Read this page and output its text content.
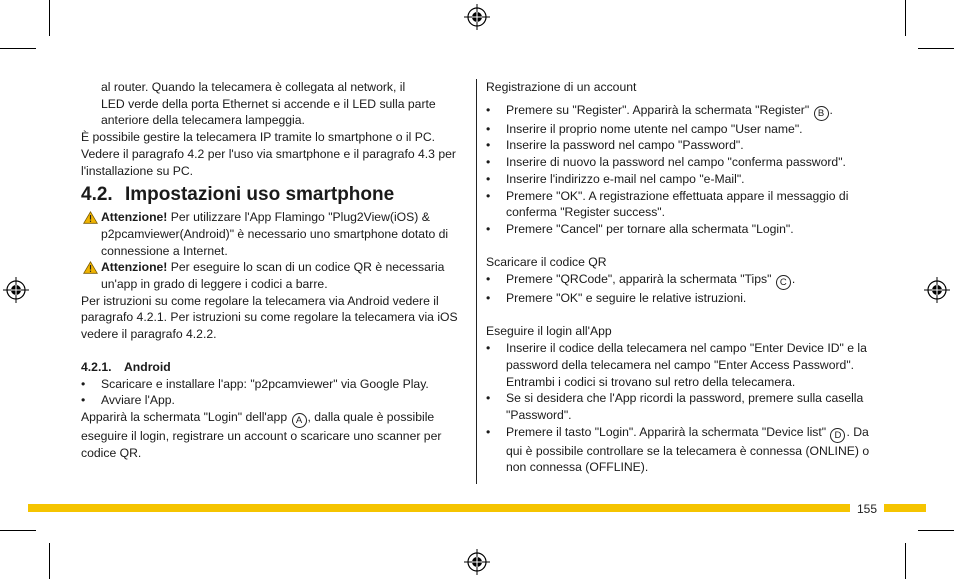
al router. Quando la telecamera è collegata al network, il

LED verde della porta Ethernet si accende e il LED sulla parte

anteriore della telecamera lampeggia.

È possibile gestire la telecamera IP tramite lo smartphone o il PC. Vedere il paragrafo 4.2 per l'uso via smartphone e il paragrafo 4.3 per l'installazione su PC.

4.2. Impostazioni uso smartphone

Attenzione! Per utilizzare l'App Flamingo "Plug2View(iOS) & p2pcamviewer(Android)" è necessario uno smartphone dotato di connessione a Internet.

Attenzione! Per eseguire lo scan di un codice QR è necessaria un'app in grado di leggere i codici a barre.

Per istruzioni su come regolare la telecamera via Android vedere il paragrafo 4.2.1. Per istruzioni su come regolare la telecamera via iOS vedere il paragrafo 4.2.2.

4.2.1. Android
•	Scaricare e installare l'app: "p2pcamviewer" via Google Play.
•	Avviare l'App.

Apparirà la schermata "Login" dell'app A , dalla quale è possibile eseguire il login, registrare un account o scaricare uno scanner per codice QR.

Registrazione di un account

•	Premere su "Register". Apparirà la schermata "Register" B .
•	Inserire il proprio nome utente nel campo "User name".
•	Inserire la password nel campo "Password".
•	Inserire di nuovo la password nel campo "conferma password".
•	Inserire l'indirizzo e-mail nel campo "e-Mail".
•	Premere "OK". A registrazione effettuata appare il messaggio di conferma "Register success".
•	Premere "Cancel" per tornare alla schermata "Login".

Scaricare il codice QR

•	Premere "QRCode", apparirà la schermata "Tips" C .
•	Premere "OK" e seguire le relative istruzioni.

Eseguire il login all'App

•	Inserire il codice della telecamera nel campo "Enter Device ID" e la password della telecamera nel campo "Enter Access Password". Entrambi i codici si trovano sul retro della telecamera.
•	Se si desidera che l'App ricordi la password, premere sulla casella "Password".
•	Premere il tasto "Login". Apparirà la schermata "Device list" D . Da qui è possibile controllare se la telecamera è connessa (ONLINE) o non connessa (OFFLINE).
155
